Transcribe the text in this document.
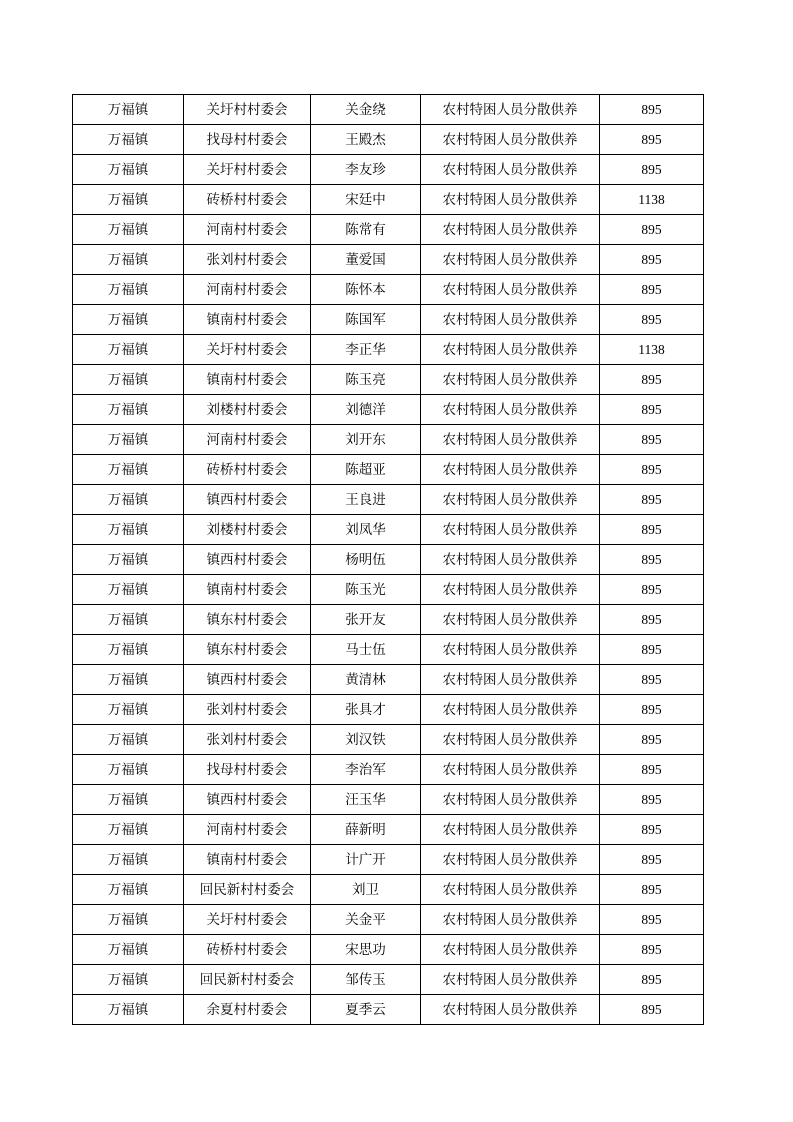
万福镇	关圩村村委会	关金绕	农村特困人员分散供养	895
万福镇	找母村村委会	王殿杰	农村特困人员分散供养	895
万福镇	关圩村村委会	李友珍	农村特困人员分散供养	895
万福镇	砖桥村村委会	宋廷中	农村特困人员分散供养	1138
万福镇	河南村村委会	陈常有	农村特困人员分散供养	895
万福镇	张刘村村委会	董爱国	农村特困人员分散供养	895
万福镇	河南村村委会	陈怀本	农村特困人员分散供养	895
万福镇	镇南村村委会	陈国军	农村特困人员分散供养	895
万福镇	关圩村村委会	李正华	农村特困人员分散供养	1138
万福镇	镇南村村委会	陈玉亮	农村特困人员分散供养	895
万福镇	刘楼村村委会	刘德洋	农村特困人员分散供养	895
万福镇	河南村村委会	刘开东	农村特困人员分散供养	895
万福镇	砖桥村村委会	陈超亚	农村特困人员分散供养	895
万福镇	镇西村村委会	王良进	农村特困人员分散供养	895
万福镇	刘楼村村委会	刘凤华	农村特困人员分散供养	895
万福镇	镇西村村委会	杨明伍	农村特困人员分散供养	895
万福镇	镇南村村委会	陈玉光	农村特困人员分散供养	895
万福镇	镇东村村委会	张开友	农村特困人员分散供养	895
万福镇	镇东村村委会	马士伍	农村特困人员分散供养	895
万福镇	镇西村村委会	黄清林	农村特困人员分散供养	895
万福镇	张刘村村委会	张具才	农村特困人员分散供养	895
万福镇	张刘村村委会	刘汉铁	农村特困人员分散供养	895
万福镇	找母村村委会	李治军	农村特困人员分散供养	895
万福镇	镇西村村委会	汪玉华	农村特困人员分散供养	895
万福镇	河南村村委会	薛新明	农村特困人员分散供养	895
万福镇	镇南村村委会	计广开	农村特困人员分散供养	895
万福镇	回民新村村委会	刘卫	农村特困人员分散供养	895
万福镇	关圩村村委会	关金平	农村特困人员分散供养	895
万福镇	砖桥村村委会	宋思功	农村特困人员分散供养	895
万福镇	回民新村村委会	邹传玉	农村特困人员分散供养	895
万福镇	余夏村村委会	夏季云	农村特困人员分散供养	895
